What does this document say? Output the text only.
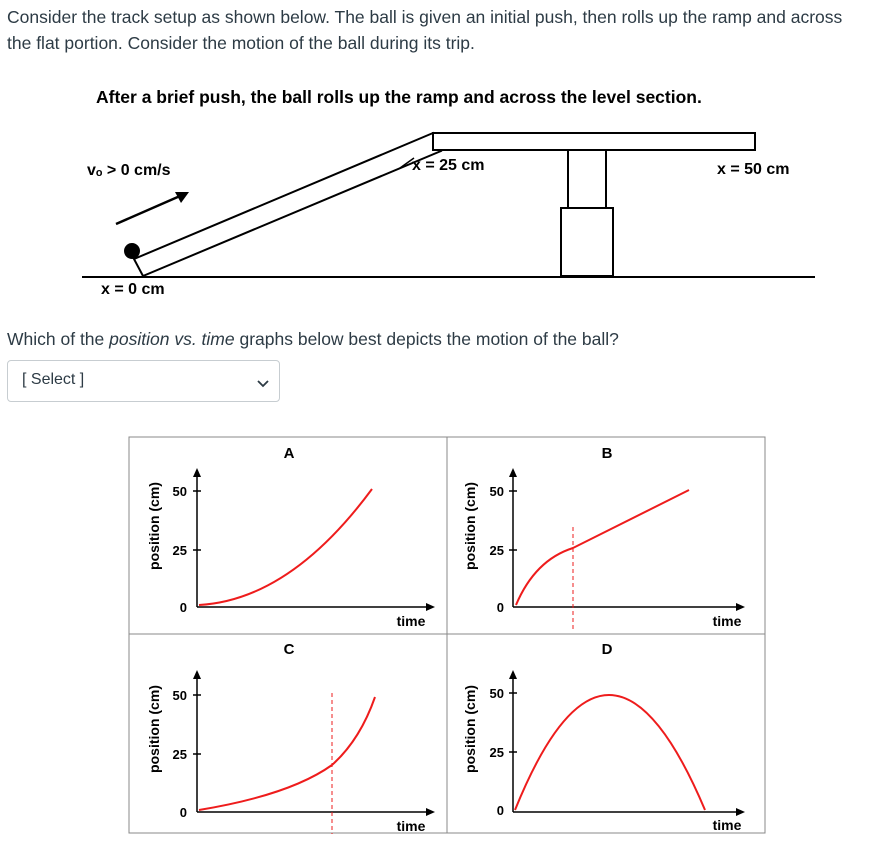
Consider the track setup as shown below. The ball is given an initial push, then rolls up the ramp and across the flat portion. Consider the motion of the ball during its trip.

After a brief push, the ball rolls up the ramp and across the level section.
vₒ > 0 cm/s
x = 0 cm
x = 25 cm	x = 50 cm

Which of the position vs. time graphs below best depicts the motion of the ball?

[ Select ]
A
position (cm) 50
25
0
time
B
position (cm) 50
25
0
time
C
position (cm) 50
25
0
time
D
position (cm) 50
25
0
time
